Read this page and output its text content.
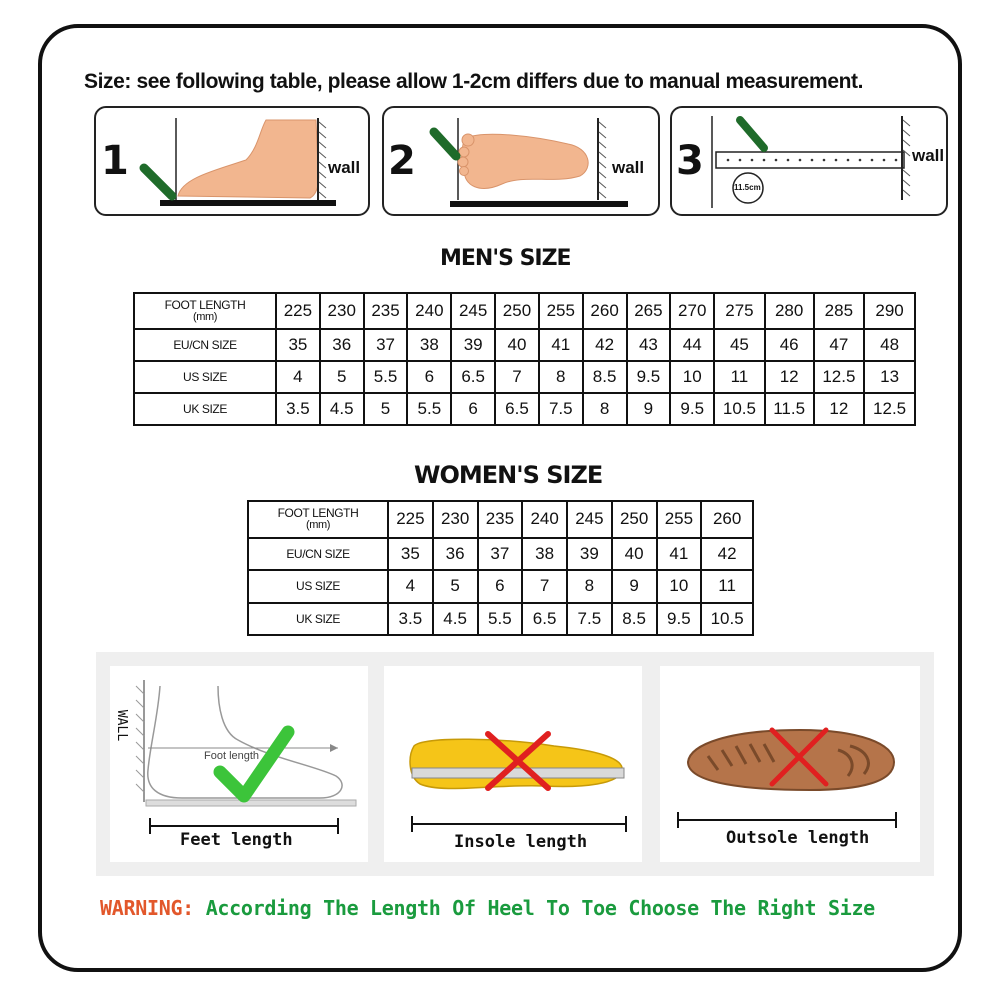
Size: see following table, please allow 1-2cm differs due to manual measurement.
1	wall 2	wall 3	wall
11.5cm
MEN'S SIZE
FOOT LENGTH
(mm)	225	230	235	240	245	250	255	260	265	270	275	280	285	290
EU/CN SIZE	35	36	37	38	39	40	41	42	43	44	45	46	47	48
US SIZE	4	5	5.5	6	6.5	7	8	8.5	9.5	10	11	12	12.5	13
UK SIZE	3.5	4.5	5	5.5	6	6.5	7.5	8	9	9.5	10.5	11.5	12	12.5
WOMEN'S SIZE
FOOT LENGTH
(mm)	225	230	235	240	245	250	255	260
EU/CN SIZE	35	36	37	38	39	40	41	42
US SIZE	4	5	6	7	8	9	10	11
UK SIZE	3.5	4.5	5.5	6.5	7.5	8.5	9.5	10.5
WALL
Foot length
Feet length	Insole length	Outsole length
WARNING: According The Length Of Heel To Toe Choose The Right Size
